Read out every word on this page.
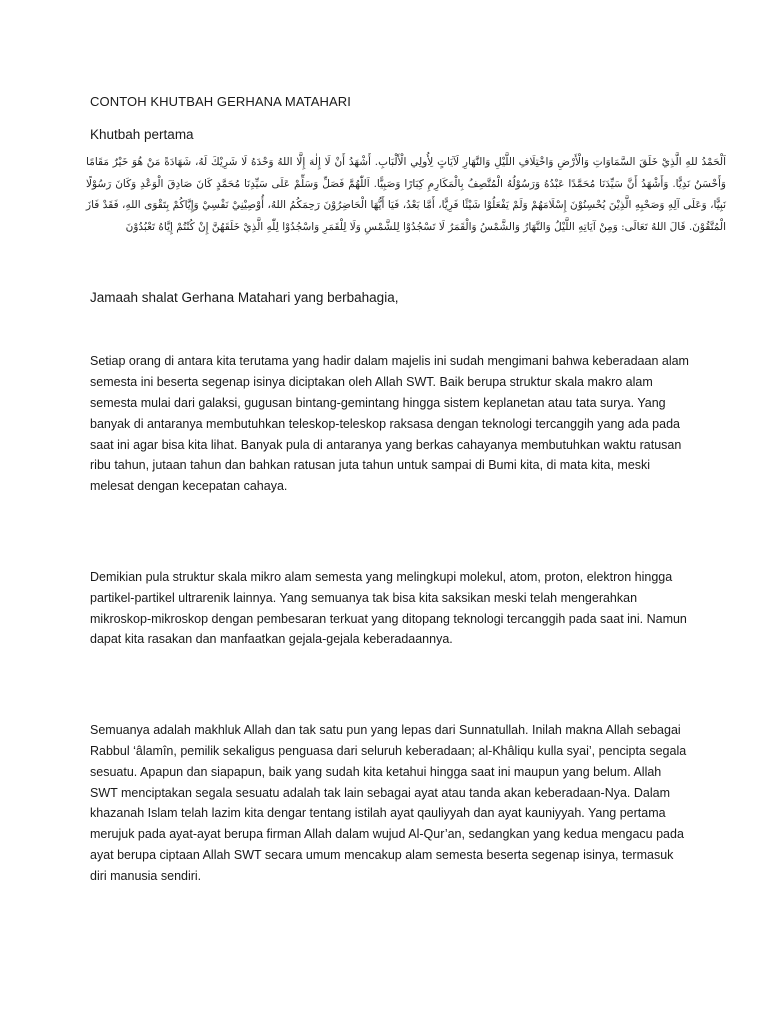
CONTOH KHUTBAH GERHANA MATAHARI
Khutbah pertama
اَلْحَمْدُ للهِ الَّذِيْ خَلَقَ السَّمَاوَاتِ وَالْأَرْضِ وَاخْتِلَافِ اللَّيْلِ وَالنَّهَارِ لَآيَاتٍ لِأُولِي الْأَلْبَابِ. أَشْهَدُ أَنْ لَا إِلٰهَ إِلَّا اللهُ وَحْدَهُ لَا شَرِيْكَ لَهُ، شَهَادَةً مَنْ هُوَ خَيْرٌ مَقَامًا وَأَحْسَنُ نَدِيًّا. وَأَشْهَدُ أَنَّ سَيِّدَنَا مُحَمَّدًا عَبْدُهُ وَرَسُوْلُهُ الْمُتَّصِفُ بِالْمَكَارِمِ كِبَارًا وَصَبِيًّا. اَللّٰهُمَّ فَصَلِّ وَسَلِّمْ عَلَى سَيِّدِنَا مُحَمَّدٍ كَانَ صَادِقَ الْوَعْدِ وَكَانَ رَسُوْلًا نَبِيًّا، وَعَلَى آلِهِ وَصَحْبِهِ الَّذِيْنَ يُحْسِنُوْنَ إِسْلَامَهُمْ وَلَمْ يَفْعَلُوْا شَيْئًا فَرِيًّا، أَمَّا بَعْدُ، فَيَا أَيُّهَا الْحَاضِرُوْنَ رَحِمَكُمُ اللهُ، أُوْصِيْنِيْ نَفْسِيْ وَإِيَّاكُمْ بِتَقْوَى اللهِ، فَقَدْ فَازَ الْمُتَّقُوْنَ. قَالَ اللهُ تَعَالَى: وَمِنْ آيَاتِهِ اللَّيْلُ وَالنَّهَارُ وَالشَّمْسُ وَالْقَمَرُ لَا تَسْجُدُوْا لِلشَّمْسِ وَلَا لِلْقَمَرِ وَاسْجُدُوْا لِلّٰهِ الَّذِيْ خَلَقَهُنَّ إِنْ كُنْتُمْ إِيَّاهُ تَعْبُدُوْنَ

Jamaah shalat Gerhana Matahari yang berbahagia,

Setiap orang di antara kita terutama yang hadir dalam majelis ini sudah mengimani bahwa keberadaan alam semesta ini beserta segenap isinya diciptakan oleh Allah SWT. Baik berupa struktur skala makro alam semesta mulai dari galaksi, gugusan bintang-gemintang hingga sistem keplanetan atau tata surya. Yang banyak di antaranya membutuhkan teleskop-teleskop raksasa dengan teknologi tercanggih yang ada pada saat ini agar bisa kita lihat. Banyak pula di antaranya yang berkas cahayanya membutuhkan waktu ratusan ribu tahun, jutaan tahun dan bahkan ratusan juta tahun untuk sampai di Bumi kita, di mata kita, meski melesat dengan kecepatan cahaya.

Demikian pula struktur skala mikro alam semesta yang melingkupi molekul, atom, proton, elektron hingga partikel-partikel ultrarenik lainnya. Yang semuanya tak bisa kita saksikan meski telah mengerahkan mikroskop-mikroskop dengan pembesaran terkuat yang ditopang teknologi tercanggih pada saat ini. Namun dapat kita rasakan dan manfaatkan gejala-gejala keberadaannya.

Semuanya adalah makhluk Allah dan tak satu pun yang lepas dari Sunnatullah. Inilah makna Allah sebagai Rabbul ‘âlamîn, pemilik sekaligus penguasa dari seluruh keberadaan; al-Khâliqu kulla syai’, pencipta segala sesuatu. Apapun dan siapapun, baik yang sudah kita ketahui hingga saat ini maupun yang belum. Allah SWT menciptakan segala sesuatu adalah tak lain sebagai ayat atau tanda akan keberadaan-Nya. Dalam khazanah Islam telah lazim kita dengar tentang istilah ayat qauliyyah dan ayat kauniyyah. Yang pertama merujuk pada ayat-ayat berupa firman Allah dalam wujud Al-Qur’an, sedangkan yang kedua mengacu pada ayat berupa ciptaan Allah SWT secara umum mencakup alam semesta beserta segenap isinya, termasuk diri manusia sendiri.
